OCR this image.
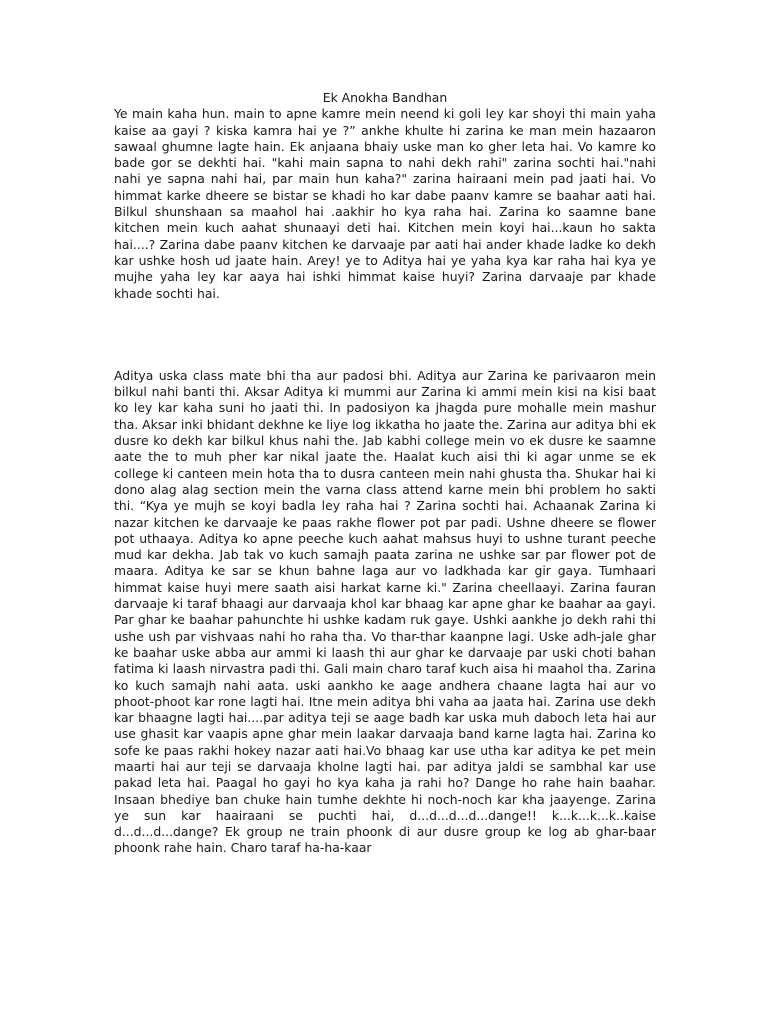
Ek Anokha Bandhan

Ye main kaha hun. main to apne kamre mein neend ki goli ley kar shoyi thi main yaha kaise aa gayi ? kiska kamra hai ye ?” ankhe khulte hi zarina ke man mein hazaaron sawaal ghumne lagte hain. Ek anjaana bhaiy uske man ko gher leta hai. Vo kamre ko bade gor se dekhti hai. "kahi main sapna to nahi dekh rahi" zarina sochti hai."nahi nahi ye sapna nahi hai, par main hun kaha?" zarina hairaani mein pad jaati hai. Vo himmat karke dheere se bistar se khadi ho kar dabe paanv kamre se baahar aati hai. Bilkul shunshaan sa maahol hai .aakhir ho kya raha hai. Zarina ko saamne bane kitchen mein kuch aahat shunaayi deti hai. Kitchen mein koyi hai...kaun ho sakta hai....? Zarina dabe paanv kitchen ke darvaaje par aati hai ander khade ladke ko dekh kar ushke hosh ud jaate hain. Arey! ye to Aditya hai ye yaha kya kar raha hai kya ye mujhe yaha ley kar aaya hai ishki himmat kaise huyi? Zarina darvaaje par khade khade sochti hai.

Aditya uska class mate bhi tha aur padosi bhi. Aditya aur Zarina ke parivaaron mein bilkul nahi banti thi. Aksar Aditya ki mummi aur Zarina ki ammi mein kisi na kisi baat ko ley kar kaha suni ho jaati thi. In padosiyon ka jhagda pure mohalle mein mashur tha. Aksar inki bhidant dekhne ke liye log ikkatha ho jaate the. Zarina aur aditya bhi ek dusre ko dekh kar bilkul khus nahi the. Jab kabhi college mein vo ek dusre ke saamne aate the to muh pher kar nikal jaate the. Haalat kuch aisi thi ki agar unme se ek college ki canteen mein hota tha to dusra canteen mein nahi ghusta tha. Shukar hai ki dono alag alag section mein the varna class attend karne mein bhi problem ho sakti thi. “Kya ye mujh se koyi badla ley raha hai ? Zarina sochti hai. Achaanak Zarina ki nazar kitchen ke darvaaje ke paas rakhe flower pot par padi. Ushne dheere se flower pot uthaaya. Aditya ko apne peeche kuch aahat mahsus huyi to ushne turant peeche mud kar dekha. Jab tak vo kuch samajh paata zarina ne ushke sar par flower pot de maara. Aditya ke sar se khun bahne laga aur vo ladkhada kar gir gaya. Tumhaari himmat kaise huyi mere saath aisi harkat karne ki." Zarina cheellaayi. Zarina fauran darvaaje ki taraf bhaagi aur darvaaja khol kar bhaag kar apne ghar ke baahar aa gayi. Par ghar ke baahar pahunchte hi ushke kadam ruk gaye. Ushki aankhe jo dekh rahi thi ushe ush par vishvaas nahi ho raha tha. Vo thar-thar kaanpne lagi. Uske adh-jale ghar ke baahar uske abba aur ammi ki laash thi aur ghar ke darvaaje par uski choti bahan fatima ki laash nirvastra padi thi. Gali main charo taraf kuch aisa hi maahol tha. Zarina ko kuch samajh nahi aata. uski aankho ke aage andhera chaane lagta hai aur vo phoot-phoot kar rone lagti hai. Itne mein aditya bhi vaha aa jaata hai. Zarina use dekh kar bhaagne lagti hai....par aditya teji se aage badh kar uska muh daboch leta hai aur use ghasit kar vaapis apne ghar mein laakar darvaaja band karne lagta hai. Zarina ko sofe ke paas rakhi hokey nazar aati hai.Vo bhaag kar use utha kar aditya ke pet mein maarti hai aur teji se darvaaja kholne lagti hai. par aditya jaldi se sambhal kar use pakad leta hai. Paagal ho gayi ho kya kaha ja rahi ho? Dange ho rahe hain baahar. Insaan bhediye ban chuke hain tumhe dekhte hi noch-noch kar kha jaayenge. Zarina ye sun kar haairaani se puchti hai, d...d...d...d...dange!! k...k...k...k..kaise d...d...d...dange? Ek group ne train phoonk di aur dusre group ke log ab ghar-baar phoonk rahe hain. Charo taraf ha-ha-kaar
